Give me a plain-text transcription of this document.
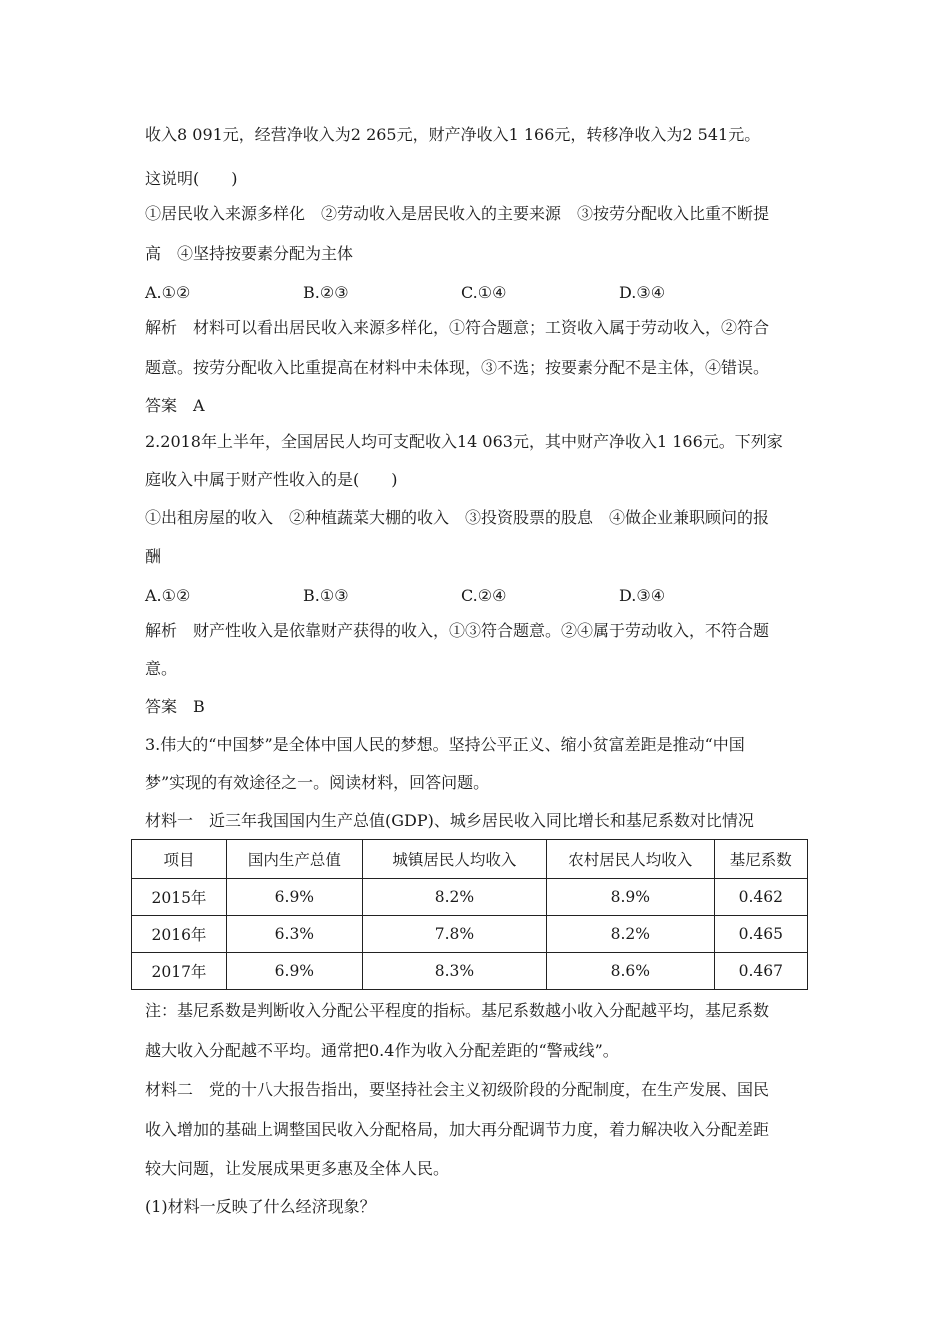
收入8 091元，经营净收入为2 265元，财产净收入1 166元，转移净收入为2 541元。
这说明(　　)
①居民收入来源多样化　②劳动收入是居民收入的主要来源　③按劳分配收入比重不断提
高　④坚持按要素分配为主体
A.①②	B.②③	C.①④	D.③④
解析　材料可以看出居民收入来源多样化，①符合题意；工资收入属于劳动收入，②符合
题意。按劳分配收入比重提高在材料中未体现，③不选；按要素分配不是主体，④错误。
答案　A
2.2018年上半年，全国居民人均可支配收入14 063元，其中财产净收入1 166元。下列家
庭收入中属于财产性收入的是(　　)
①出租房屋的收入　②种植蔬菜大棚的收入　③投资股票的股息　④做企业兼职顾问的报
酬
A.①②	B.①③	C.②④	D.③④
解析　财产性收入是依靠财产获得的收入，①③符合题意。②④属于劳动收入，不符合题
意。
答案　B
3.伟大的“中国梦”是全体中国人民的梦想。坚持公平正义、缩小贫富差距是推动“中国
梦”实现的有效途径之一。阅读材料，回答问题。
材料一　近三年我国国内生产总值(GDP)、城乡居民收入同比增长和基尼系数对比情况
项目	国内生产总值	城镇居民人均收入	农村居民人均收入	基尼系数
2015年	6.9%	8.2%	8.9%	0.462
2016年	6.3%	7.8%	8.2%	0.465
2017年	6.9%	8.3%	8.6%	0.467
注：基尼系数是判断收入分配公平程度的指标。基尼系数越小收入分配越平均，基尼系数
越大收入分配越不平均。通常把0.4作为收入分配差距的“警戒线”。
材料二　党的十八大报告指出，要坚持社会主义初级阶段的分配制度，在生产发展、国民
收入增加的基础上调整国民收入分配格局，加大再分配调节力度，着力解决收入分配差距
较大问题，让发展成果更多惠及全体人民。
(1)材料一反映了什么经济现象？
